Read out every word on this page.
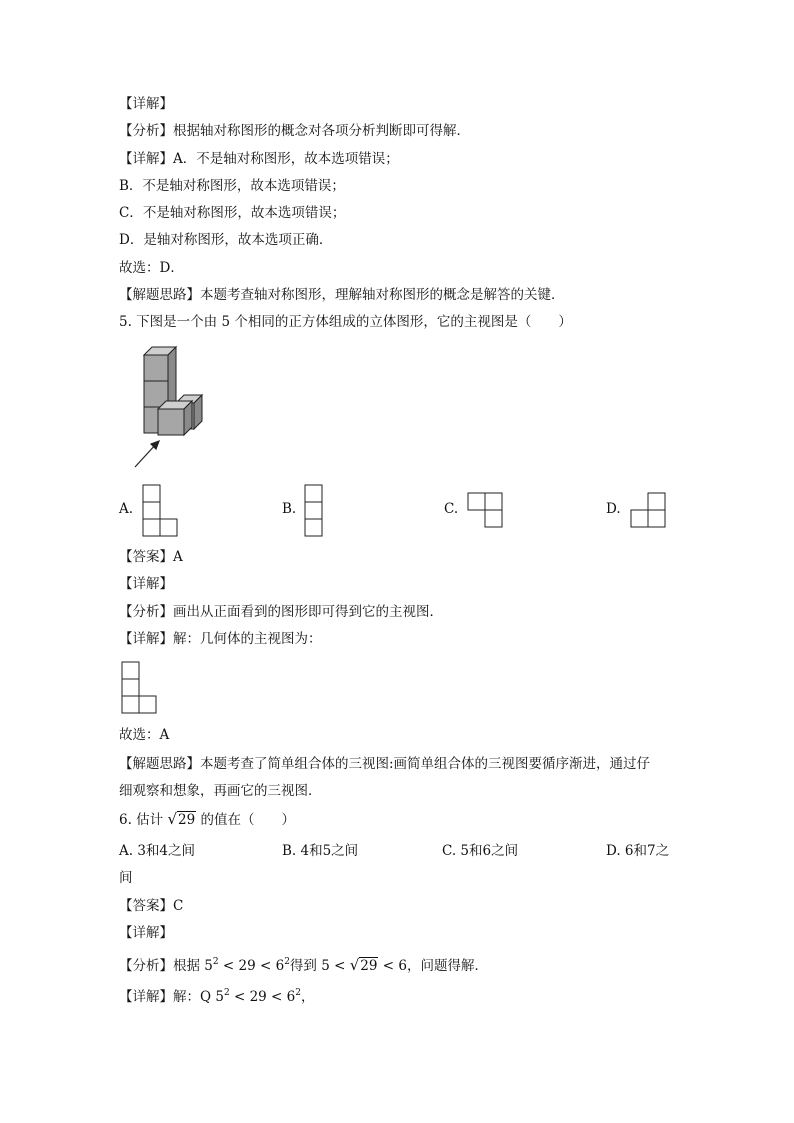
【详解】
【分析】根据轴对称图形的概念对各项分析判断即可得解．
【详解】A．不是轴对称图形，故本选项错误；
B．不是轴对称图形，故本选项错误；
C．不是轴对称图形，故本选项错误；
D．是轴对称图形，故本选项正确．
故选：D．
【解题思路】本题考查轴对称图形，理解轴对称图形的概念是解答的关键．
5. 下图是一个由 5 个相同的正方体组成的立体图形，它的主视图是（　　）
A.	B.	C.	D.
【答案】A
【详解】
【分析】画出从正面看到的图形即可得到它的主视图．
【详解】解：几何体的主视图为：
故选：A
【解题思路】本题考查了简单组合体的三视图:画简单组合体的三视图要循序渐进，通过仔
细观察和想象，再画它的三视图．
6. 估计 √29 的值在（　　）
A. 3和4之间	B. 4和5之间	C. 5和6之间	D. 6和7之
间
【答案】C
【详解】
【分析】根据 $5^2 < 29 < 6^2$得到 5 < √29 < 6，问题得解．
【详解】解：Q $5^2 < 29 < 6^2$，
